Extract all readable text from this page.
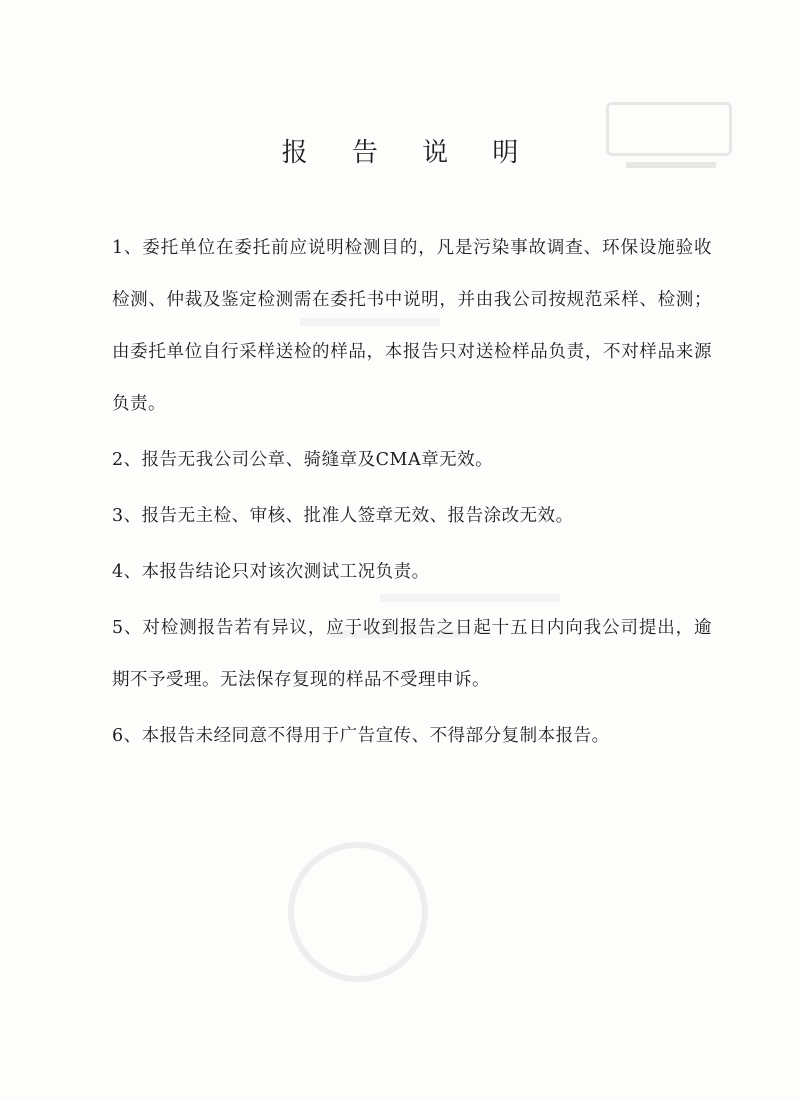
报 告 说 明
1、委托单位在委托前应说明检测目的，凡是污染事故调查、环保设施验收检测、仲裁及鉴定检测需在委托书中说明，并由我公司按规范采样、检测；由委托单位自行采样送检的样品，本报告只对送检样品负责，不对样品来源负责。
2、报告无我公司公章、骑缝章及CMA章无效。
3、报告无主检、审核、批准人签章无效、报告涂改无效。
4、本报告结论只对该次测试工况负责。
5、对检测报告若有异议，应于收到报告之日起十五日内向我公司提出，逾期不予受理。无法保存复现的样品不受理申诉。
6、本报告未经同意不得用于广告宣传、不得部分复制本报告。
